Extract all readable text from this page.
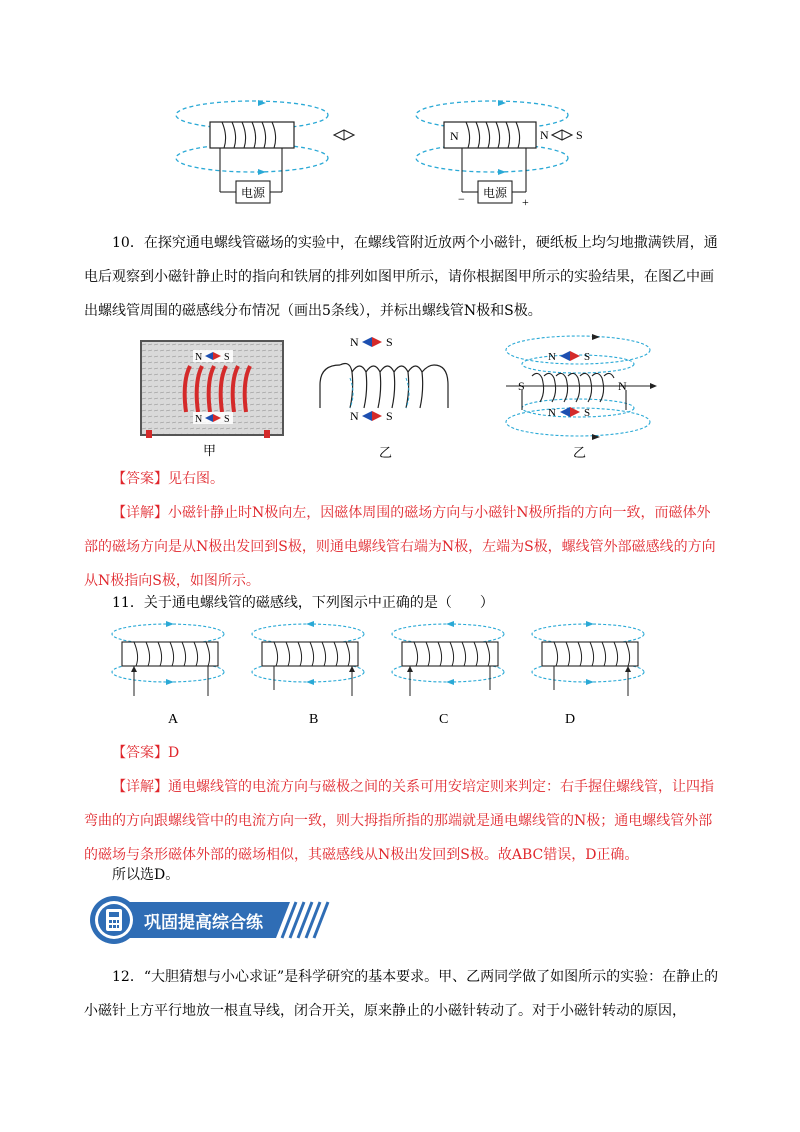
电源
N
电源
−	+
N S
10．在探究通电螺线管磁场的实验中，在螺线管附近放两个小磁针，硬纸板上均匀地撒满铁屑，通电后观察到小磁针静止时的指向和铁屑的排列如图甲所示，请你根据图甲所示的实验结果，在图乙中画出螺线管周围的磁感线分布情况（画出5条线），并标出螺线管N极和S极。
N S
N S
甲
N S
N S
乙
N	S
S	N
N	S
乙
【答案】见右图。
【详解】小磁针静止时N极向左，因磁体周围的磁场方向与小磁针N极所指的方向一致，而磁体外部的磁场方向是从N极出发回到S极，则通电螺线管右端为N极，左端为S极，螺线管外部磁感线的方向从N极指向S极，如图所示。
11．关于通电螺线管的磁感线，下列图示中正确的是（　　）
A	B	C	D
【答案】D
【详解】通电螺线管的电流方向与磁极之间的关系可用安培定则来判定：右手握住螺线管，让四指弯曲的方向跟螺线管中的电流方向一致，则大拇指所指的那端就是通电螺线管的N极；通电螺线管外部的磁场与条形磁体外部的磁场相似，其磁感线从N极出发回到S极。故ABC错误，D正确。
所以选D。
巩固提高综合练
12．“大胆猜想与小心求证”是科学研究的基本要求。甲、乙两同学做了如图所示的实验：在静止的小磁针上方平行地放一根直导线，闭合开关，原来静止的小磁针转动了。对于小磁针转动的原因，
